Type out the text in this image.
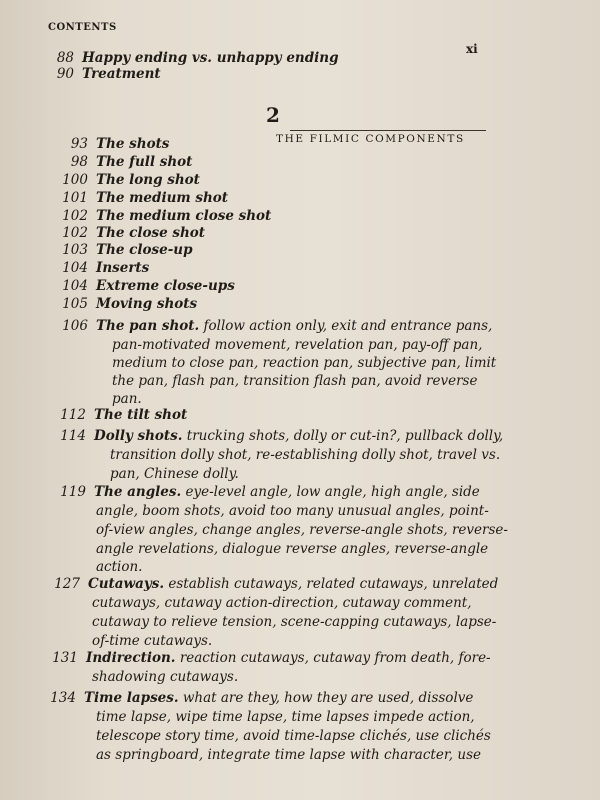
CONTENTS
xi
88 Happy ending vs. unhappy ending
90 Treatment
2 THE FILMIC COMPONENTS
93 The shots
98 The full shot
100 The long shot
101 The medium shot
102 The medium close shot
102 The close shot
103 The close-up
104 Inserts
104 Extreme close-ups
105 Moving shots
106 The pan shot. follow action only, exit and entrance pans,
pan-motivated movement, revelation pan, pay-off pan,
medium to close pan, reaction pan, subjective pan, limit
the pan, flash pan, transition flash pan, avoid reverse
pan.
112 The tilt shot
114 Dolly shots. trucking shots, dolly or cut-in?, pullback dolly,
transition dolly shot, re-establishing dolly shot, travel vs.
pan, Chinese dolly.
119 The angles. eye-level angle, low angle, high angle, side
angle, boom shots, avoid too many unusual angles, point-
of-view angles, change angles, reverse-angle shots, reverse-
angle revelations, dialogue reverse angles, reverse-angle
action.
127 Cutaways. establish cutaways, related cutaways, unrelated
cutaways, cutaway action-direction, cutaway comment,
cutaway to relieve tension, scene-capping cutaways, lapse-
of-time cutaways.
131 Indirection. reaction cutaways, cutaway from death, fore-
shadowing cutaways.
134 Time lapses. what are they, how they are used, dissolve
time lapse, wipe time lapse, time lapses impede action,
telescope story time, avoid time-lapse clichés, use clichés
as springboard, integrate time lapse with character, use
